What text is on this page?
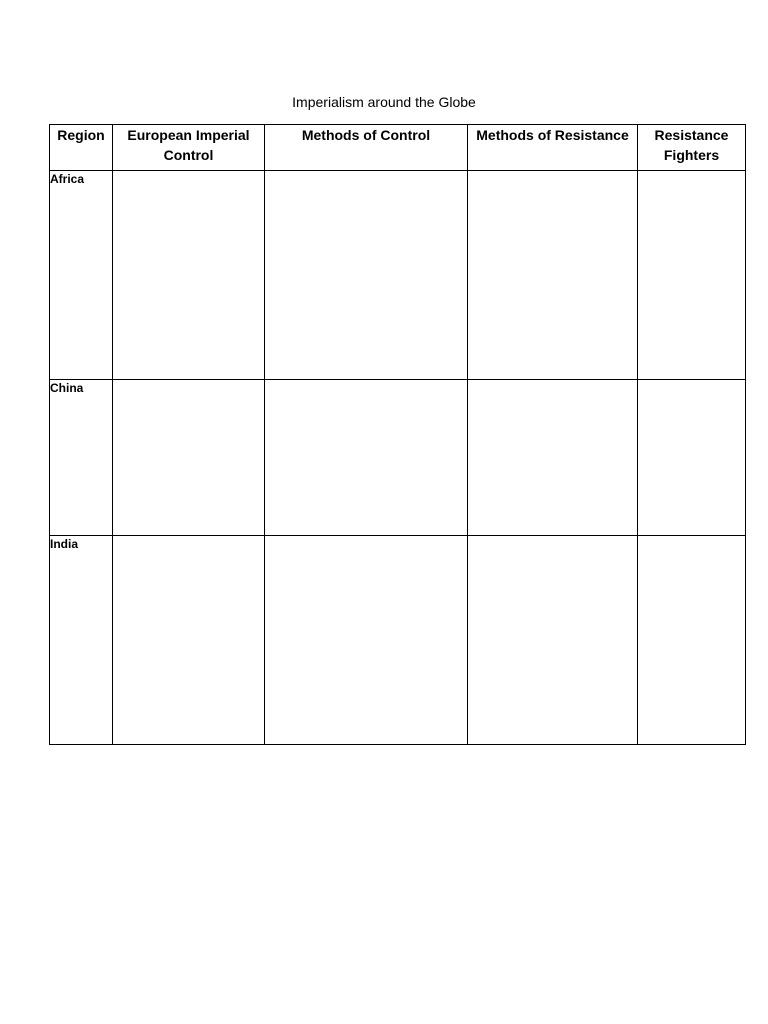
Imperialism around the Globe
Region	European Imperial Control	Methods of Control	Methods of Resistance	Resistance Fighters
Africa				
China				
India				
